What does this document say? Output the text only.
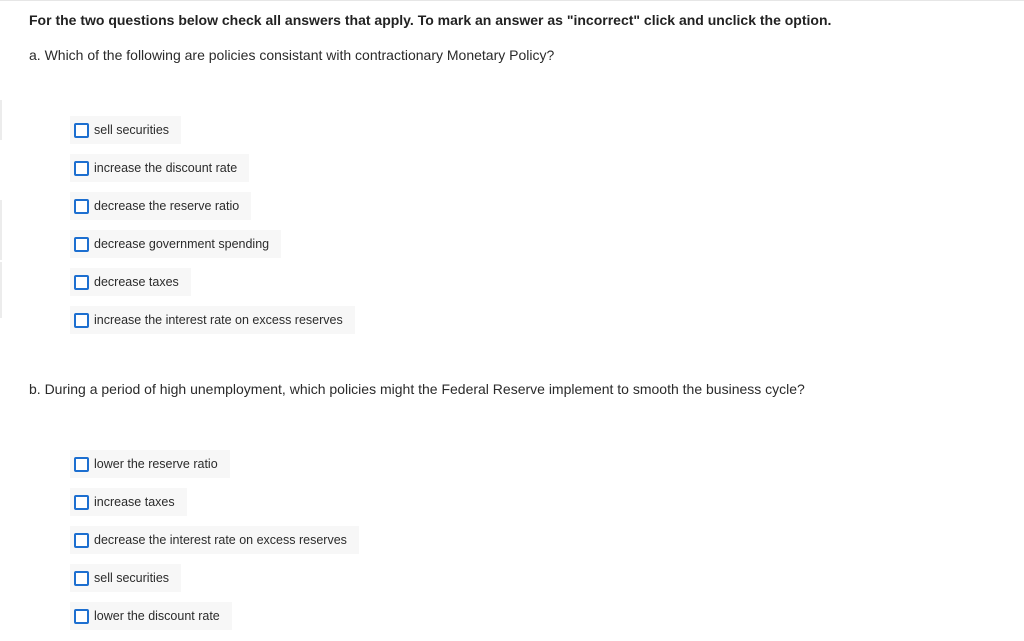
For the two questions below check all answers that apply. To mark an answer as "incorrect" click and unclick the option.
a. Which of the following are policies consistant with contractionary Monetary Policy?
sell securities
increase the discount rate
decrease the reserve ratio
decrease government spending
decrease taxes
increase the interest rate on excess reserves
b. During a period of high unemployment, which policies might the Federal Reserve implement to smooth the business cycle?
lower the reserve ratio
increase taxes
decrease the interest rate on excess reserves
sell securities
lower the discount rate
